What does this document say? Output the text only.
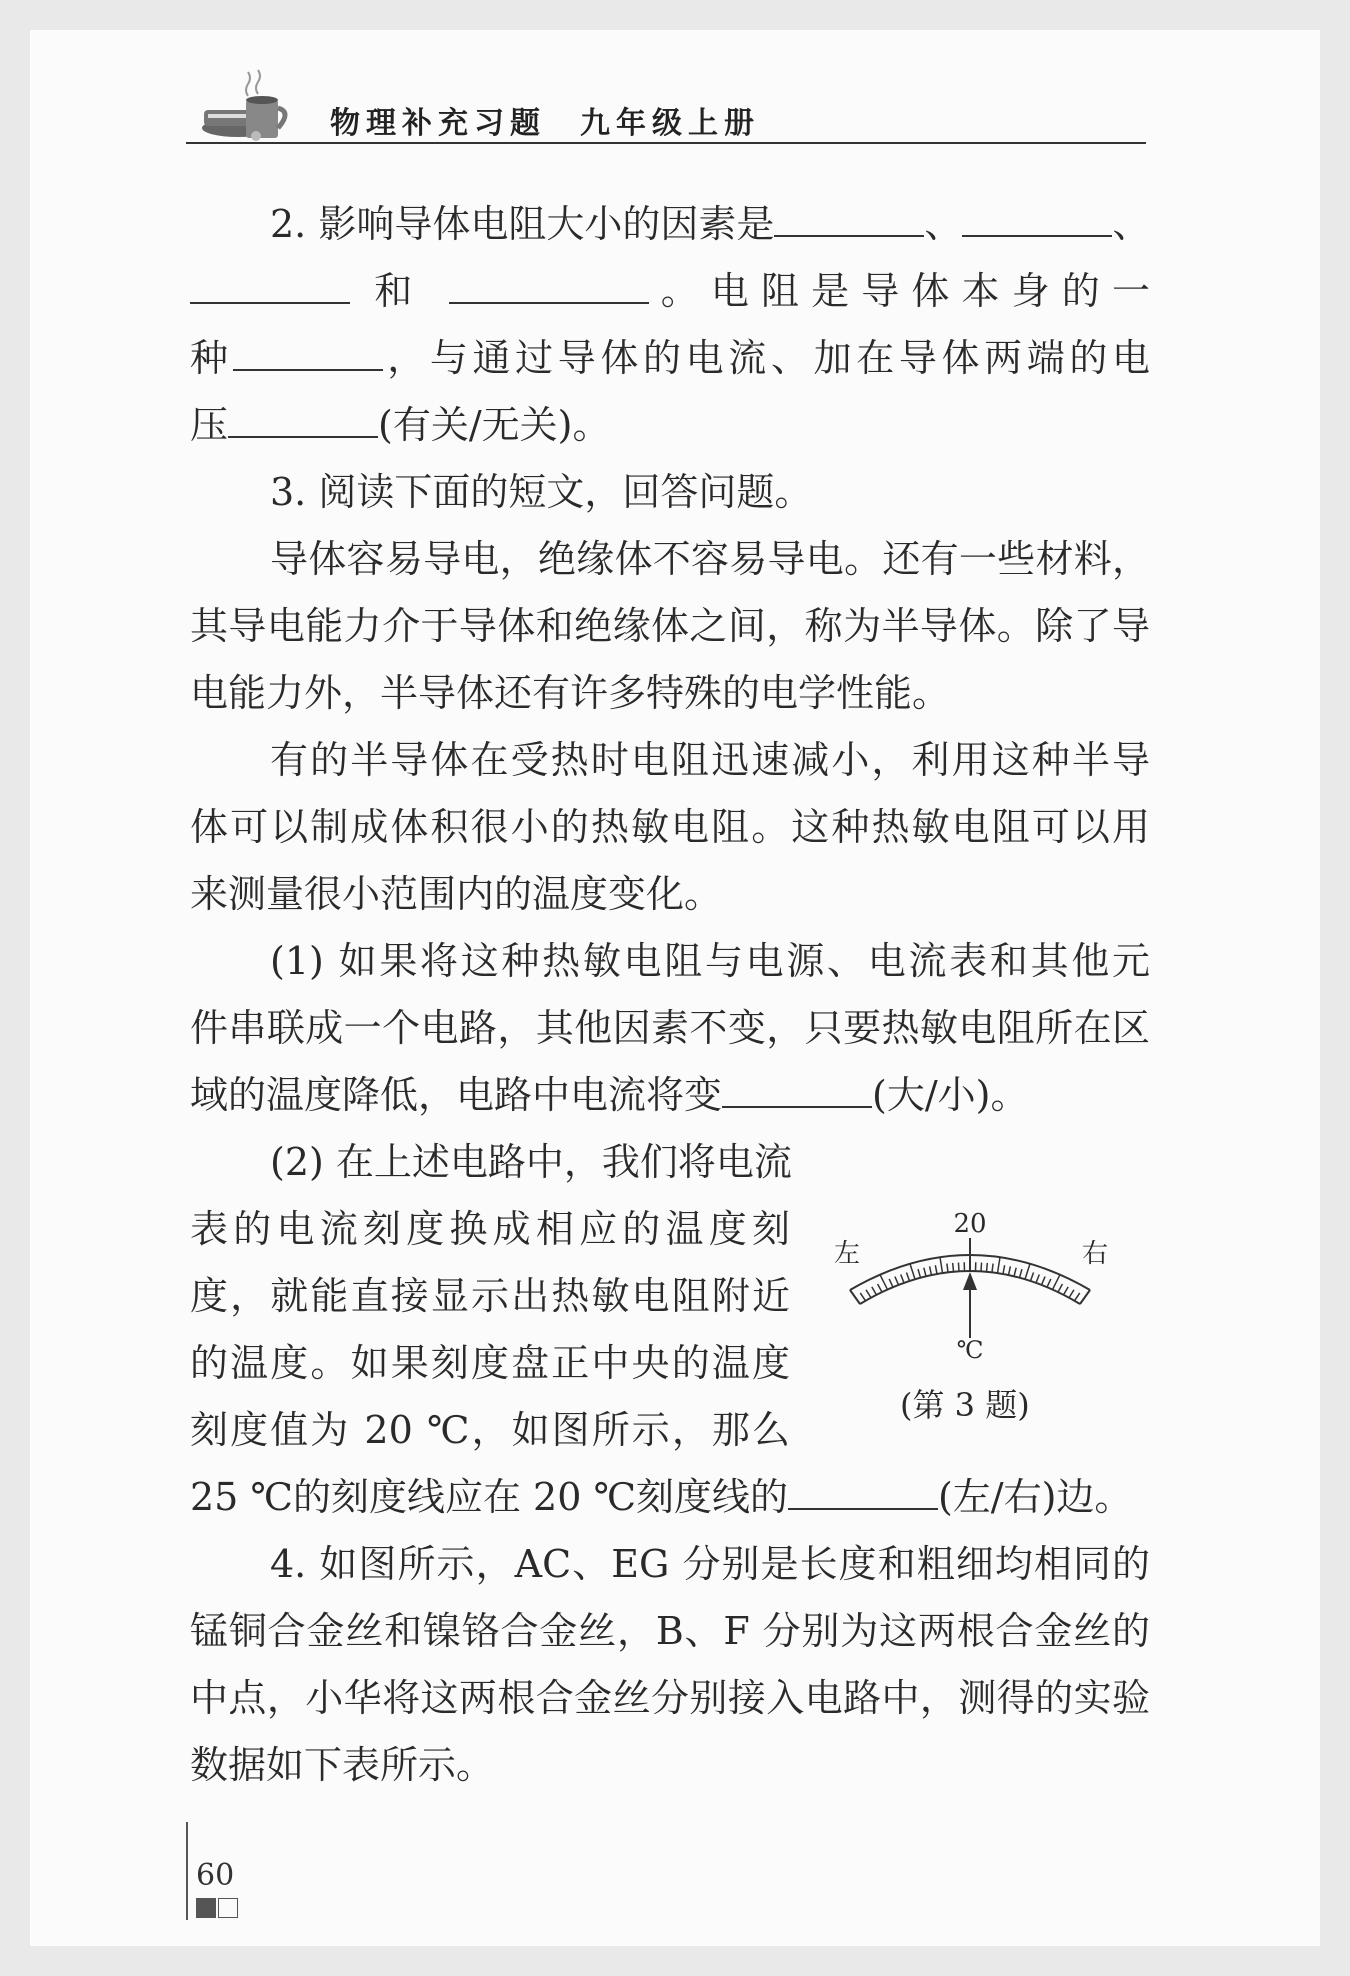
物理补充习题 九年级上册
2. 影响导体电阻大小的因素是	、	、
和	。电阻是导体本身的一
种	，与通过导体的电流、加在导体两端的电
压	(有关/无关)。
3. 阅读下面的短文，回答问题。
导体容易导电，绝缘体不容易导电。还有一些材料，
其导电能力介于导体和绝缘体之间，称为半导体。除了导
电能力外，半导体还有许多特殊的电学性能。
有的半导体在受热时电阻迅速减小，利用这种半导
体可以制成体积很小的热敏电阻。这种热敏电阻可以用
来测量很小范围内的温度变化。
(1) 如果将这种热敏电阻与电源、电流表和其他元
件串联成一个电路，其他因素不变，只要热敏电阻所在区
域的温度降低，电路中电流将变	(大/小)。
(2) 在上述电路中，我们将电流
表的电流刻度换成相应的温度刻
度，就能直接显示出热敏电阻附近
的温度。如果刻度盘正中央的温度
刻度值为 20 ℃，如图所示，那么
25 ℃的刻度线应在 20 ℃刻度线的	(左/右)边。
20
左	右
℃
(第 3 题)
4. 如图所示，AC、EG 分别是长度和粗细均相同的
锰铜合金丝和镍铬合金丝，B、F 分别为这两根合金丝的
中点，小华将这两根合金丝分别接入电路中，测得的实验
数据如下表所示。
60
